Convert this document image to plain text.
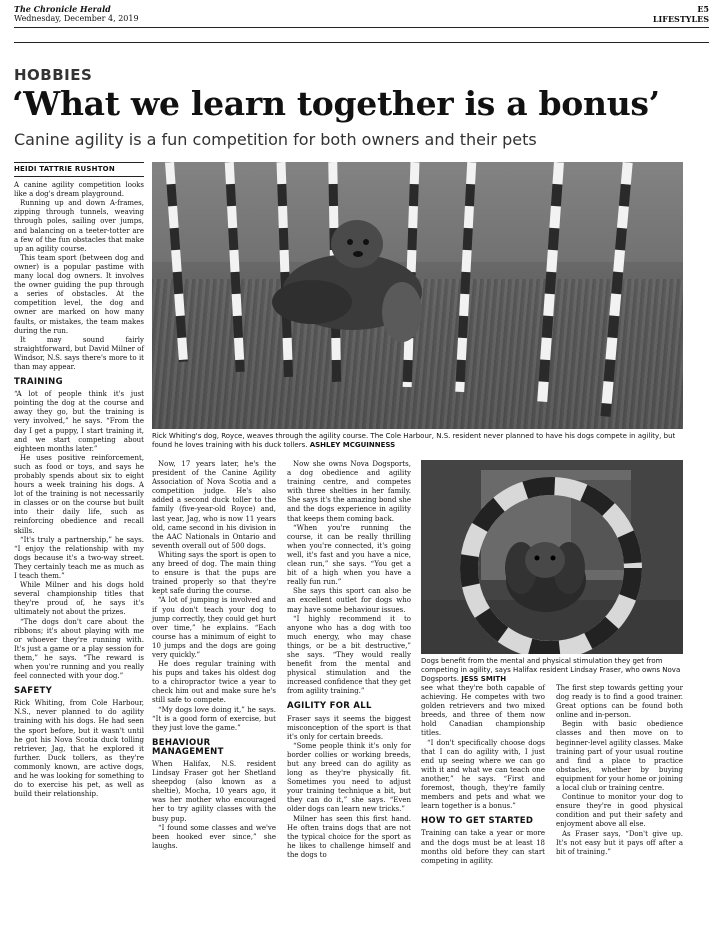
The Chronicle Herald
Wednesday, December 4, 2019
E5
LIFESTYLES
HOBBIES
‘What we learn together is a bonus’
Canine agility is a fun competition for both owners and their pets
HEIDI TATTRIE RUSHTON

A canine agility competition looks like a dog's dream playground.

Running up and down A-frames, zipping through tunnels, weaving through poles, sailing over jumps, and balancing on a teeter-totter are a few of the fun obstacles that make up an agility course.

This team sport (between dog and owner) is a popular pastime with many local dog owners. It involves the owner guiding the pup through a series of obstacles. At the competition level, the dog and owner are marked on how many faults, or mistakes, the team makes during the run.

It may sound fairly straightforward, but David Milner of Windsor, N.S. says there's more to it than may appear.

TRAINING

“A lot of people think it's just pointing the dog at the course and away they go, but the training is very involved,” he says. “From the day I get a puppy, I start training it, and we start competing about eighteen months later.”

He uses positive reinforcement, such as food or toys, and says he probably spends about six to eight hours a week training his dogs. A lot of the training is not necessarily in classes or on the course but built into their daily life, such as reinforcing obedience and recall skills.

“It's truly a partnership,” he says. “I enjoy the relationship with my dogs because it's a two-way street. They certainly teach me as much as I teach them.”

While Milner and his dogs hold several championship titles that they're proud of, he says it's ultimately not about the prizes.

“The dogs don't care about the ribbons; it's about playing with me or whoever they're running with. It's just a game or a play session for them,” he says. “The reward is when you're running and you really feel connected with your dog.”

SAFETY

Rick Whiting, from Cole Harbour, N.S., never planned to do agility training with his dogs. He had seen the sport before, but it wasn't until he got his Nova Scotia duck tolling retriever, Jag, that he explored it further. Duck tollers, as they're commonly known, are active dogs, and he was looking for something to do to exercise his pet, as well as build their relationship.

Rick Whiting's dog, Royce, weaves through the agility course. The Cole Harbour, N.S. resident never planned to have his dogs compete in agility, but found he loves training with his duck tollers. ASHLEY MCGUINNESS

Now, 17 years later, he's the president of the Canine Agility Association of Nova Scotia and a competition judge. He's also added a second duck toller to the family (five-year-old Royce) and, last year, Jag, who is now 11 years old, came second in his division in the AAC Nationals in Ontario and seventh overall out of 500 dogs.

Whiting says the sport is open to any breed of dog. The main thing to ensure is that the pups are trained properly so that they're kept safe during the course.

“A lot of jumping is involved and if you don't teach your dog to jump correctly, they could get hurt over time,” he explains. “Each course has a minimum of eight to 10 jumps and the dogs are going very quickly.”

He does regular training with his pups and takes his oldest dog to a chiropractor twice a year to check him out and make sure he's still safe to compete.

“My dogs love doing it,” he says. “It is a good form of exercise, but they just love the game.”

BEHAVIOUR MANAGEMENT

When Halifax, N.S. resident Lindsay Fraser got her Shetland sheepdog (also known as a sheltie), Mocha, 10 years ago, it was her mother who encouraged her to try agility classes with the busy pup.

“I found some classes and we've been hooked ever since,” she laughs.

Now she owns Nova Dogsports, a dog obedience and agility training centre, and competes with three shelties in her family. She says it's the amazing bond she and the dogs experience in agility that keeps them coming back.

“When you're running the course, it can be really thrilling when you're connected, it's going well, it's fast and you have a nice, clean run,” she says. “You get a bit of a high when you have a really fun run.”

She says this sport can also be an excellent outlet for dogs who may have some behaviour issues.

“I highly recommend it to anyone who has a dog with too much energy, who may chase things, or be a bit destructive,” she says. “They would really benefit from the mental and physical stimulation and the increased confidence that they get from agility training.”

AGILITY FOR ALL

Fraser says it seems the biggest misconception of the sport is that it's only for certain breeds.

“Some people think it's only for border collies or working breeds, but any breed can do agility as long as they're physically fit. Sometimes you need to adjust your training technique a bit, but they can do it,” she says. “Even older dogs can learn new tricks.”

Milner has seen this first hand. He often trains dogs that are not the typical choice for the sport as he likes to challenge himself and the dogs to

Dogs benefit from the mental and physical stimulation they get from competing in agility, says Halifax resident Lindsay Fraser, who owns Nova Dogsports. JESS SMITH

see what they're both capable of achieving. He competes with two golden retrievers and two mixed breeds, and three of them now hold Canadian championship titles.

“I don't specifically choose dogs that I can do agility with, I just end up seeing where we can go with it and what we can teach one another,” he says. “First and foremost, though, they're family members and pets and what we learn together is a bonus.”

HOW TO GET STARTED

Training can take a year or more and the dogs must be at least 18 months old before they can start competing in agility.

The first step towards getting your dog ready is to find a good trainer. Great options can be found both online and in-person.

Begin with basic obedience classes and then move on to beginner-level agility classes. Make training part of your usual routine and find a place to practice obstacles, whether by buying equipment for your home or joining a local club or training centre.

Continue to monitor your dog to ensure they're in good physical condition and put their safety and enjoyment above all else.

As Fraser says, “Don't give up. It's not easy but it pays off after a bit of training.”
